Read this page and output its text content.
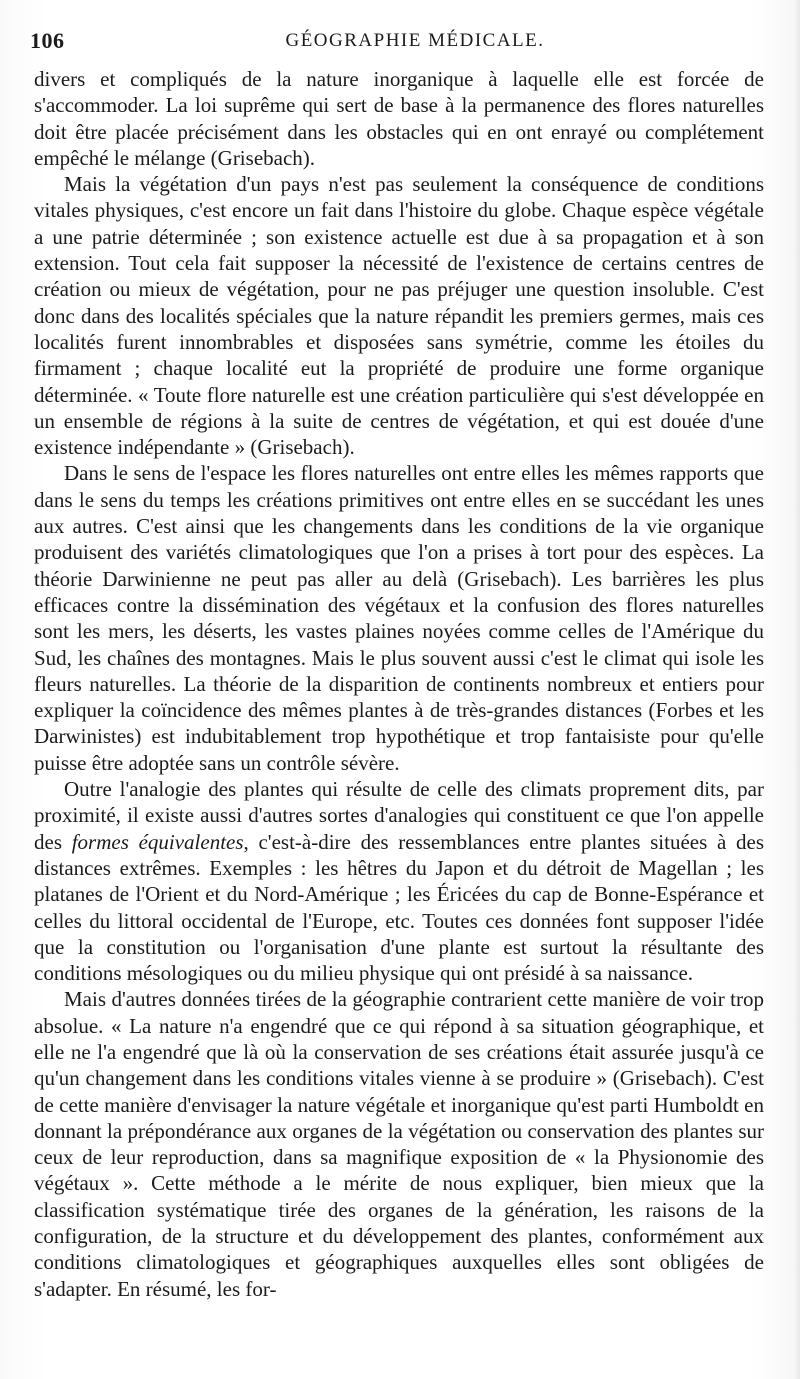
106	GÉOGRAPHIE MÉDICALE.

divers et compliqués de la nature inorganique à laquelle elle est forcée de s'accommoder. La loi suprême qui sert de base à la permanence des flores naturelles doit être placée précisément dans les obstacles qui en ont enrayé ou complétement empêché le mélange (Grisebach).

Mais la végétation d'un pays n'est pas seulement la conséquence de conditions vitales physiques, c'est encore un fait dans l'histoire du globe. Chaque espèce végétale a une patrie déterminée ; son existence actuelle est due à sa propagation et à son extension. Tout cela fait supposer la nécessité de l'existence de certains centres de création ou mieux de végétation, pour ne pas préjuger une question insoluble. C'est donc dans des localités spéciales que la nature répandit les premiers germes, mais ces localités furent innombrables et disposées sans symétrie, comme les étoiles du firmament ; chaque localité eut la propriété de produire une forme organique déterminée. « Toute flore naturelle est une création particulière qui s'est développée en un ensemble de régions à la suite de centres de végétation, et qui est douée d'une existence indépendante » (Grisebach).

Dans le sens de l'espace les flores naturelles ont entre elles les mêmes rapports que dans le sens du temps les créations primitives ont entre elles en se succédant les unes aux autres. C'est ainsi que les changements dans les conditions de la vie organique produisent des variétés climatologiques que l'on a prises à tort pour des espèces. La théorie Darwinienne ne peut pas aller au delà (Grisebach). Les barrières les plus efficaces contre la dissémination des végétaux et la confusion des flores naturelles sont les mers, les déserts, les vastes plaines noyées comme celles de l'Amérique du Sud, les chaînes des montagnes. Mais le plus souvent aussi c'est le climat qui isole les fleurs naturelles. La théorie de la disparition de continents nombreux et entiers pour expliquer la coïncidence des mêmes plantes à de très-grandes distances (Forbes et les Darwinistes) est indubitablement trop hypothétique et trop fantaisiste pour qu'elle puisse être adoptée sans un contrôle sévère.

Outre l'analogie des plantes qui résulte de celle des climats proprement dits, par proximité, il existe aussi d'autres sortes d'analogies qui constituent ce que l'on appelle des formes équivalentes, c'est-à-dire des ressemblances entre plantes situées à des distances extrêmes. Exemples : les hêtres du Japon et du détroit de Magellan ; les platanes de l'Orient et du Nord-Amérique ; les Éricées du cap de Bonne-Espérance et celles du littoral occidental de l'Europe, etc. Toutes ces données font supposer l'idée que la constitution ou l'organisation d'une plante est surtout la résultante des conditions mésologiques ou du milieu physique qui ont présidé à sa naissance.

Mais d'autres données tirées de la géographie contrarient cette manière de voir trop absolue. « La nature n'a engendré que ce qui répond à sa situation géographique, et elle ne l'a engendré que là où la conservation de ses créations était assurée jusqu'à ce qu'un changement dans les conditions vitales vienne à se produire » (Grisebach). C'est de cette manière d'envisager la nature végétale et inorganique qu'est parti Humboldt en donnant la prépondérance aux organes de la végétation ou conservation des plantes sur ceux de leur reproduction, dans sa magnifique exposition de « la Physionomie des végétaux ». Cette méthode a le mérite de nous expliquer, bien mieux que la classification systématique tirée des organes de la génération, les raisons de la configuration, de la structure et du développement des plantes, conformément aux conditions climatologiques et géographiques auxquelles elles sont obligées de s'adapter. En résumé, les for-
